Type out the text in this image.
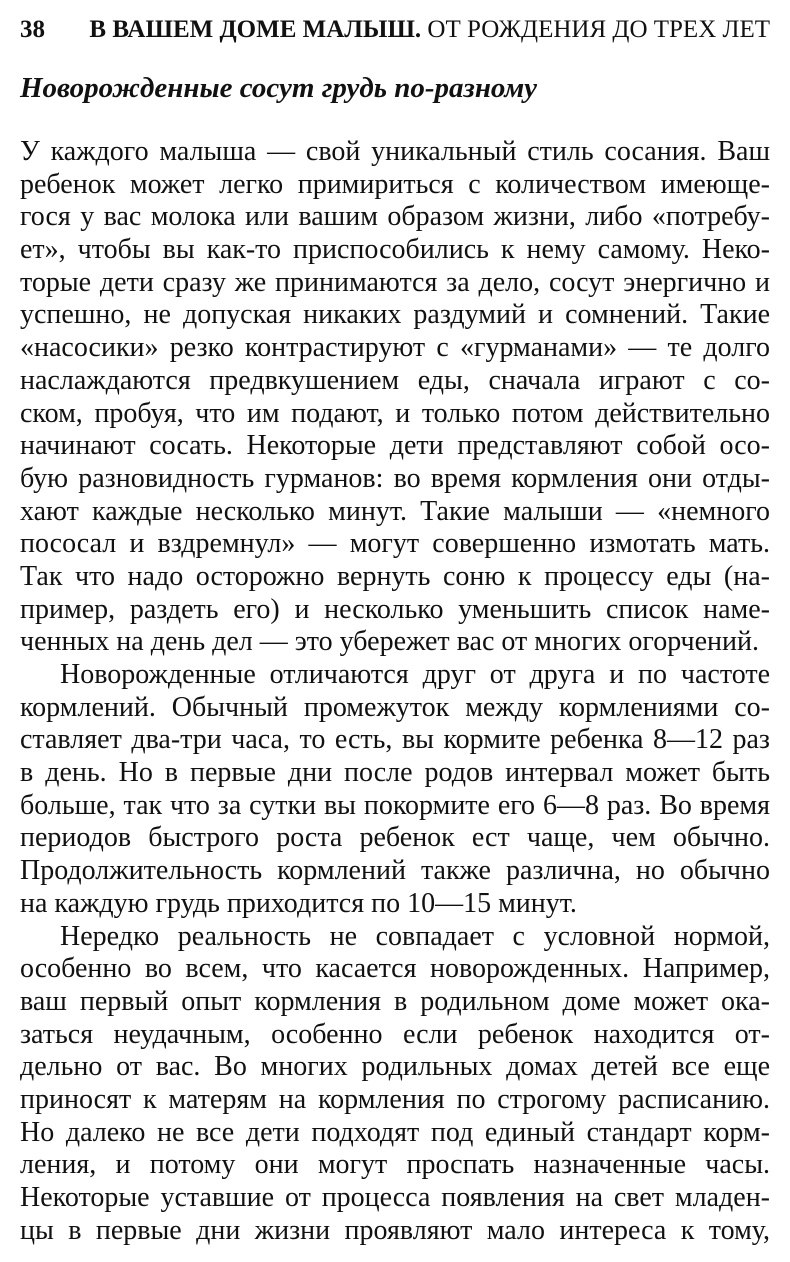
38	В ВАШЕМ ДОМЕ МАЛЫШ. ОТ РОЖДЕНИЯ ДО ТРЕХ ЛЕТ
Новорожденные сосут грудь по-разному
У каждого малыша — свой уникальный стиль сосания. Ваш
ребенок может легко примириться с количеством имеюще-
гося у вас молока или вашим образом жизни, либо «потребу-
ет», чтобы вы как-то приспособились к нему самому. Неко-
торые дети сразу же принимаются за дело, сосут энергично и
успешно, не допуская никаких раздумий и сомнений. Такие
«насосики» резко контрастируют с «гурманами» — те долго
наслаждаются предвкушением еды, сначала играют с со-
ском, пробуя, что им подают, и только потом действительно
начинают сосать. Некоторые дети представляют собой осо-
бую разновидность гурманов: во время кормления они отды-
хают каждые несколько минут. Такие малыши — «немного
пососал и вздремнул» — могут совершенно измотать мать.
Так что надо осторожно вернуть соню к процессу еды (на-
пример, раздеть его) и несколько уменьшить список наме-
ченных на день дел — это убережет вас от многих огорчений.
Новорожденные отличаются друг от друга и по частоте
кормлений. Обычный промежуток между кормлениями со-
ставляет два-три часа, то есть, вы кормите ребенка 8—12 раз
в день. Но в первые дни после родов интервал может быть
больше, так что за сутки вы покормите его 6—8 раз. Во время
периодов быстрого роста ребенок ест чаще, чем обычно.
Продолжительность кормлений также различна, но обычно
на каждую грудь приходится по 10—15 минут.
Нередко реальность не совпадает с условной нормой,
особенно во всем, что касается новорожденных. Например,
ваш первый опыт кормления в родильном доме может ока-
заться неудачным, особенно если ребенок находится от-
дельно от вас. Во многих родильных домах детей все еще
приносят к матерям на кормления по строгому расписанию.
Но далеко не все дети подходят под единый стандарт корм-
ления, и потому они могут проспать назначенные часы.
Некоторые уставшие от процесса появления на свет младен-
цы в первые дни жизни проявляют мало интереса к тому,
